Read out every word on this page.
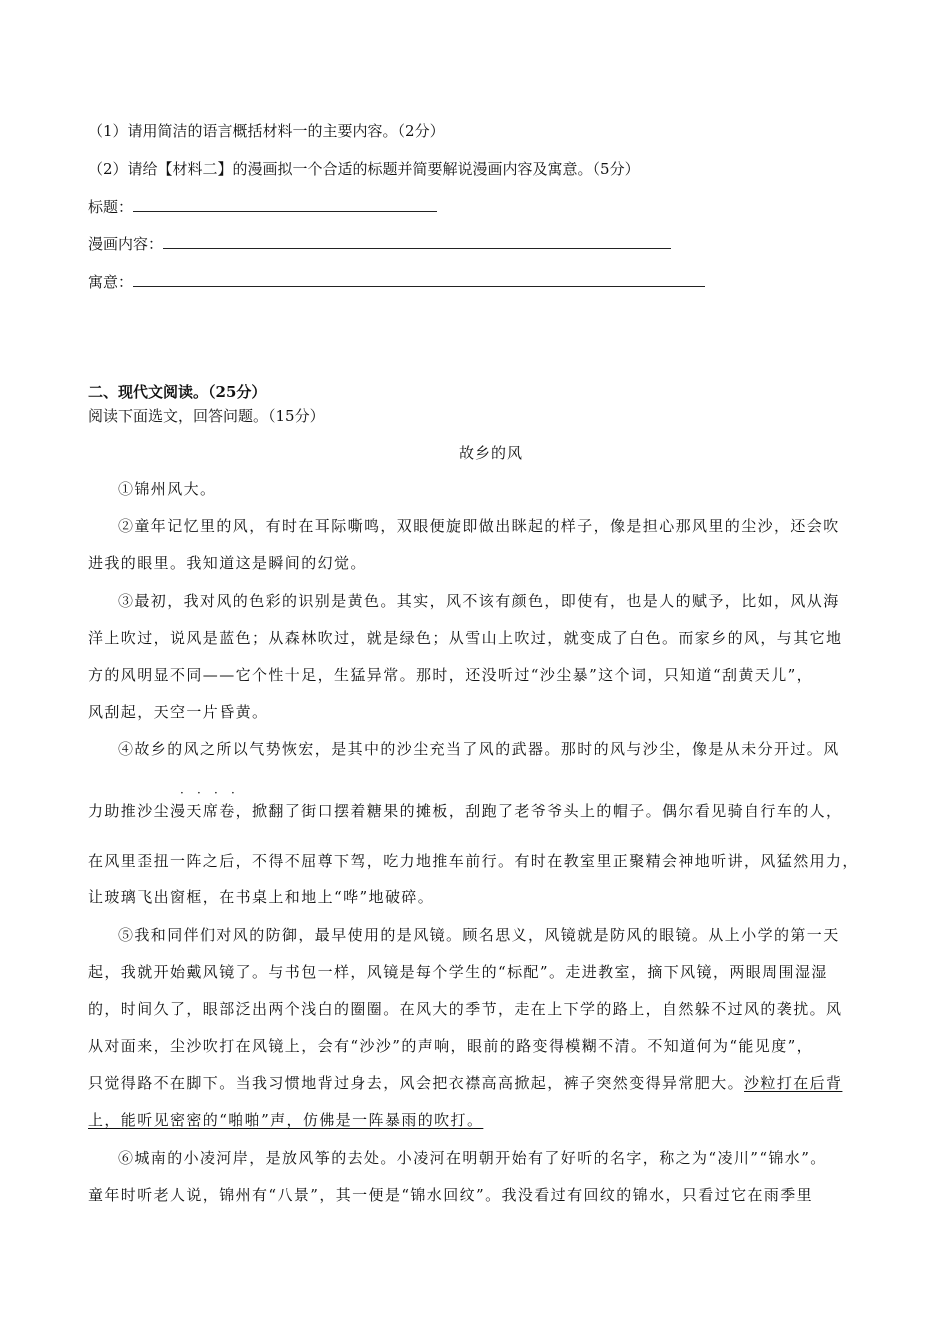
（1）请用简洁的语言概括材料一的主要内容。（2分）
（2）请给【材料二】的漫画拟一个合适的标题并简要解说漫画内容及寓意。（5分）
标题：
漫画内容：
寓意：
二、现代文阅读。（25分）
阅读下面选文，回答问题。（15分）
故乡的风
①锦州风大。
②童年记忆里的风，有时在耳际嘶鸣，双眼便旋即做出眯起的样子，像是担心那风里的尘沙，还会吹
进我的眼里。我知道这是瞬间的幻觉。
③最初，我对风的色彩的识别是黄色。其实，风不该有颜色，即使有，也是人的赋予，比如，风从海
洋上吹过，说风是蓝色；从森林吹过，就是绿色；从雪山上吹过，就变成了白色。而家乡的风，与其它地
方的风明显不同——它个性十足，生猛异常。那时，还没听过“沙尘暴”这个词，只知道“刮黄天儿”，
风刮起，天空一片昏黄。
④故乡的风之所以气势恢宏，是其中的沙尘充当了风的武器。那时的风与沙尘，像是从未分开过。风
· · · ·
力助推沙尘漫天席卷，掀翻了街口摆着糖果的摊板，刮跑了老爷爷头上的帽子。偶尔看见骑自行车的人，
在风里歪扭一阵之后，不得不屈尊下驾，吃力地推车前行。有时在教室里正聚精会神地听讲，风猛然用力，
让玻璃飞出窗框，在书桌上和地上“哗”地破碎。
⑤我和同伴们对风的防御，最早使用的是风镜。顾名思义，风镜就是防风的眼镜。从上小学的第一天
起，我就开始戴风镜了。与书包一样，风镜是每个学生的“标配”。走进教室，摘下风镜，两眼周围湿湿
的，时间久了，眼部泛出两个浅白的圈圈。在风大的季节，走在上下学的路上，自然躲不过风的袭扰。风
从对面来，尘沙吹打在风镜上，会有“沙沙”的声响，眼前的路变得模糊不清。不知道何为“能见度”，
只觉得路不在脚下。当我习惯地背过身去，风会把衣襟高高掀起，裤子突然变得异常肥大。沙粒打在后背
上，能听见密密的“啪啪”声，仿佛是一阵暴雨的吹打。
⑥城南的小凌河岸，是放风筝的去处。小凌河在明朝开始有了好听的名字，称之为“凌川”“锦水”。
童年时听老人说，锦州有“八景”，其一便是“锦水回纹”。我没看过有回纹的锦水，只看过它在雨季里
